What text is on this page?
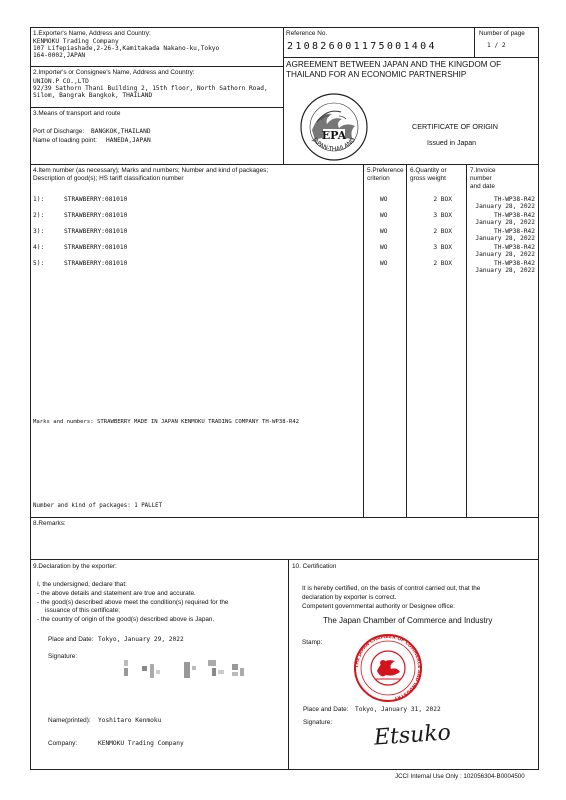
1.Exporter's Name, Address and Country:
KENMOKU Trading Company
107 Lifepiashade,2-26-3,Kamitakada Nakano-ku,Tokyo
164-0002,JAPAN
Reference No.
210826001175001404
Number of page
1 / 2
2.Importer's or Consignee's Name, Address and Country:
UNION.P CO.,LTD
92/39 Sathorn Thani Building 2, 15th floor, North Sathorn Road,
Silom, Bangrak Bangkok, THAILAND
AGREEMENT BETWEEN JAPAN AND THE KINGDOM OF
THAILAND FOR AN ECONOMIC PARTNERSHIP
EPA
JAPAN-THAILAND
CERTIFICATE OF ORIGIN
Issued in Japan
3.Means of transport and route
Port of Discharge: BANGKOK,THAILAND
Name of loading point: HANEDA,JAPAN
4.Item number (as necessary); Marks and numbers; Number and kind of packages;
Description of good(s); HS tariff classification number
5.Preference
criterion
6.Quantity or
gross weight
7.Invoice
number
and date
1):	STRAWBERRY:081010	WO	2 BOX	TH-WP38-R42
January 28, 2022
2):	STRAWBERRY:081010	WO	3 BOX	TH-WP38-R42
January 28, 2022
3):	STRAWBERRY:081010	WO	2 BOX	TH-WP38-R42
January 28, 2022
4):	STRAWBERRY:081010	WO	3 BOX	TH-WP38-R42
January 28, 2022
5):	STRAWBERRY:081010	WO	2 BOX	TH-WP38-R42
January 28, 2022
Marks and numbers: STRAWBERRY MADE IN JAPAN KENMOKU TRADING COMPANY TH-WP38-R42
Number and kind of packages: 1 PALLET
8.Remarks:
9.Declaration by the exporter:
I, the undersigned, declare that:
- the above details and statement are true and accurate.
- the good(s) described above meet the condition(s) required for the
issuance of this certificate;
- the country of origin of the good(s) described above is Japan.
Place and Date: Tokyo, January 29, 2022
Signature:
Name(printed): Yoshitaro Kenmoku
Company:	KENMOKU Trading Company
10. Certification
It is hereby certified, on the basis of control carried out, that the
declaration by exporter is correct.
Competent governmental authority or Designee office:
The Japan Chamber of Commerce and Industry
Stamp:
THE JAPAN CHAMBER OF COMMERCE AND INDUSTRY
Place and Date: Tokyo, January 31, 2022
Signature: Etsuko
JCCI Internal Use Only : 102056304-B0004500
